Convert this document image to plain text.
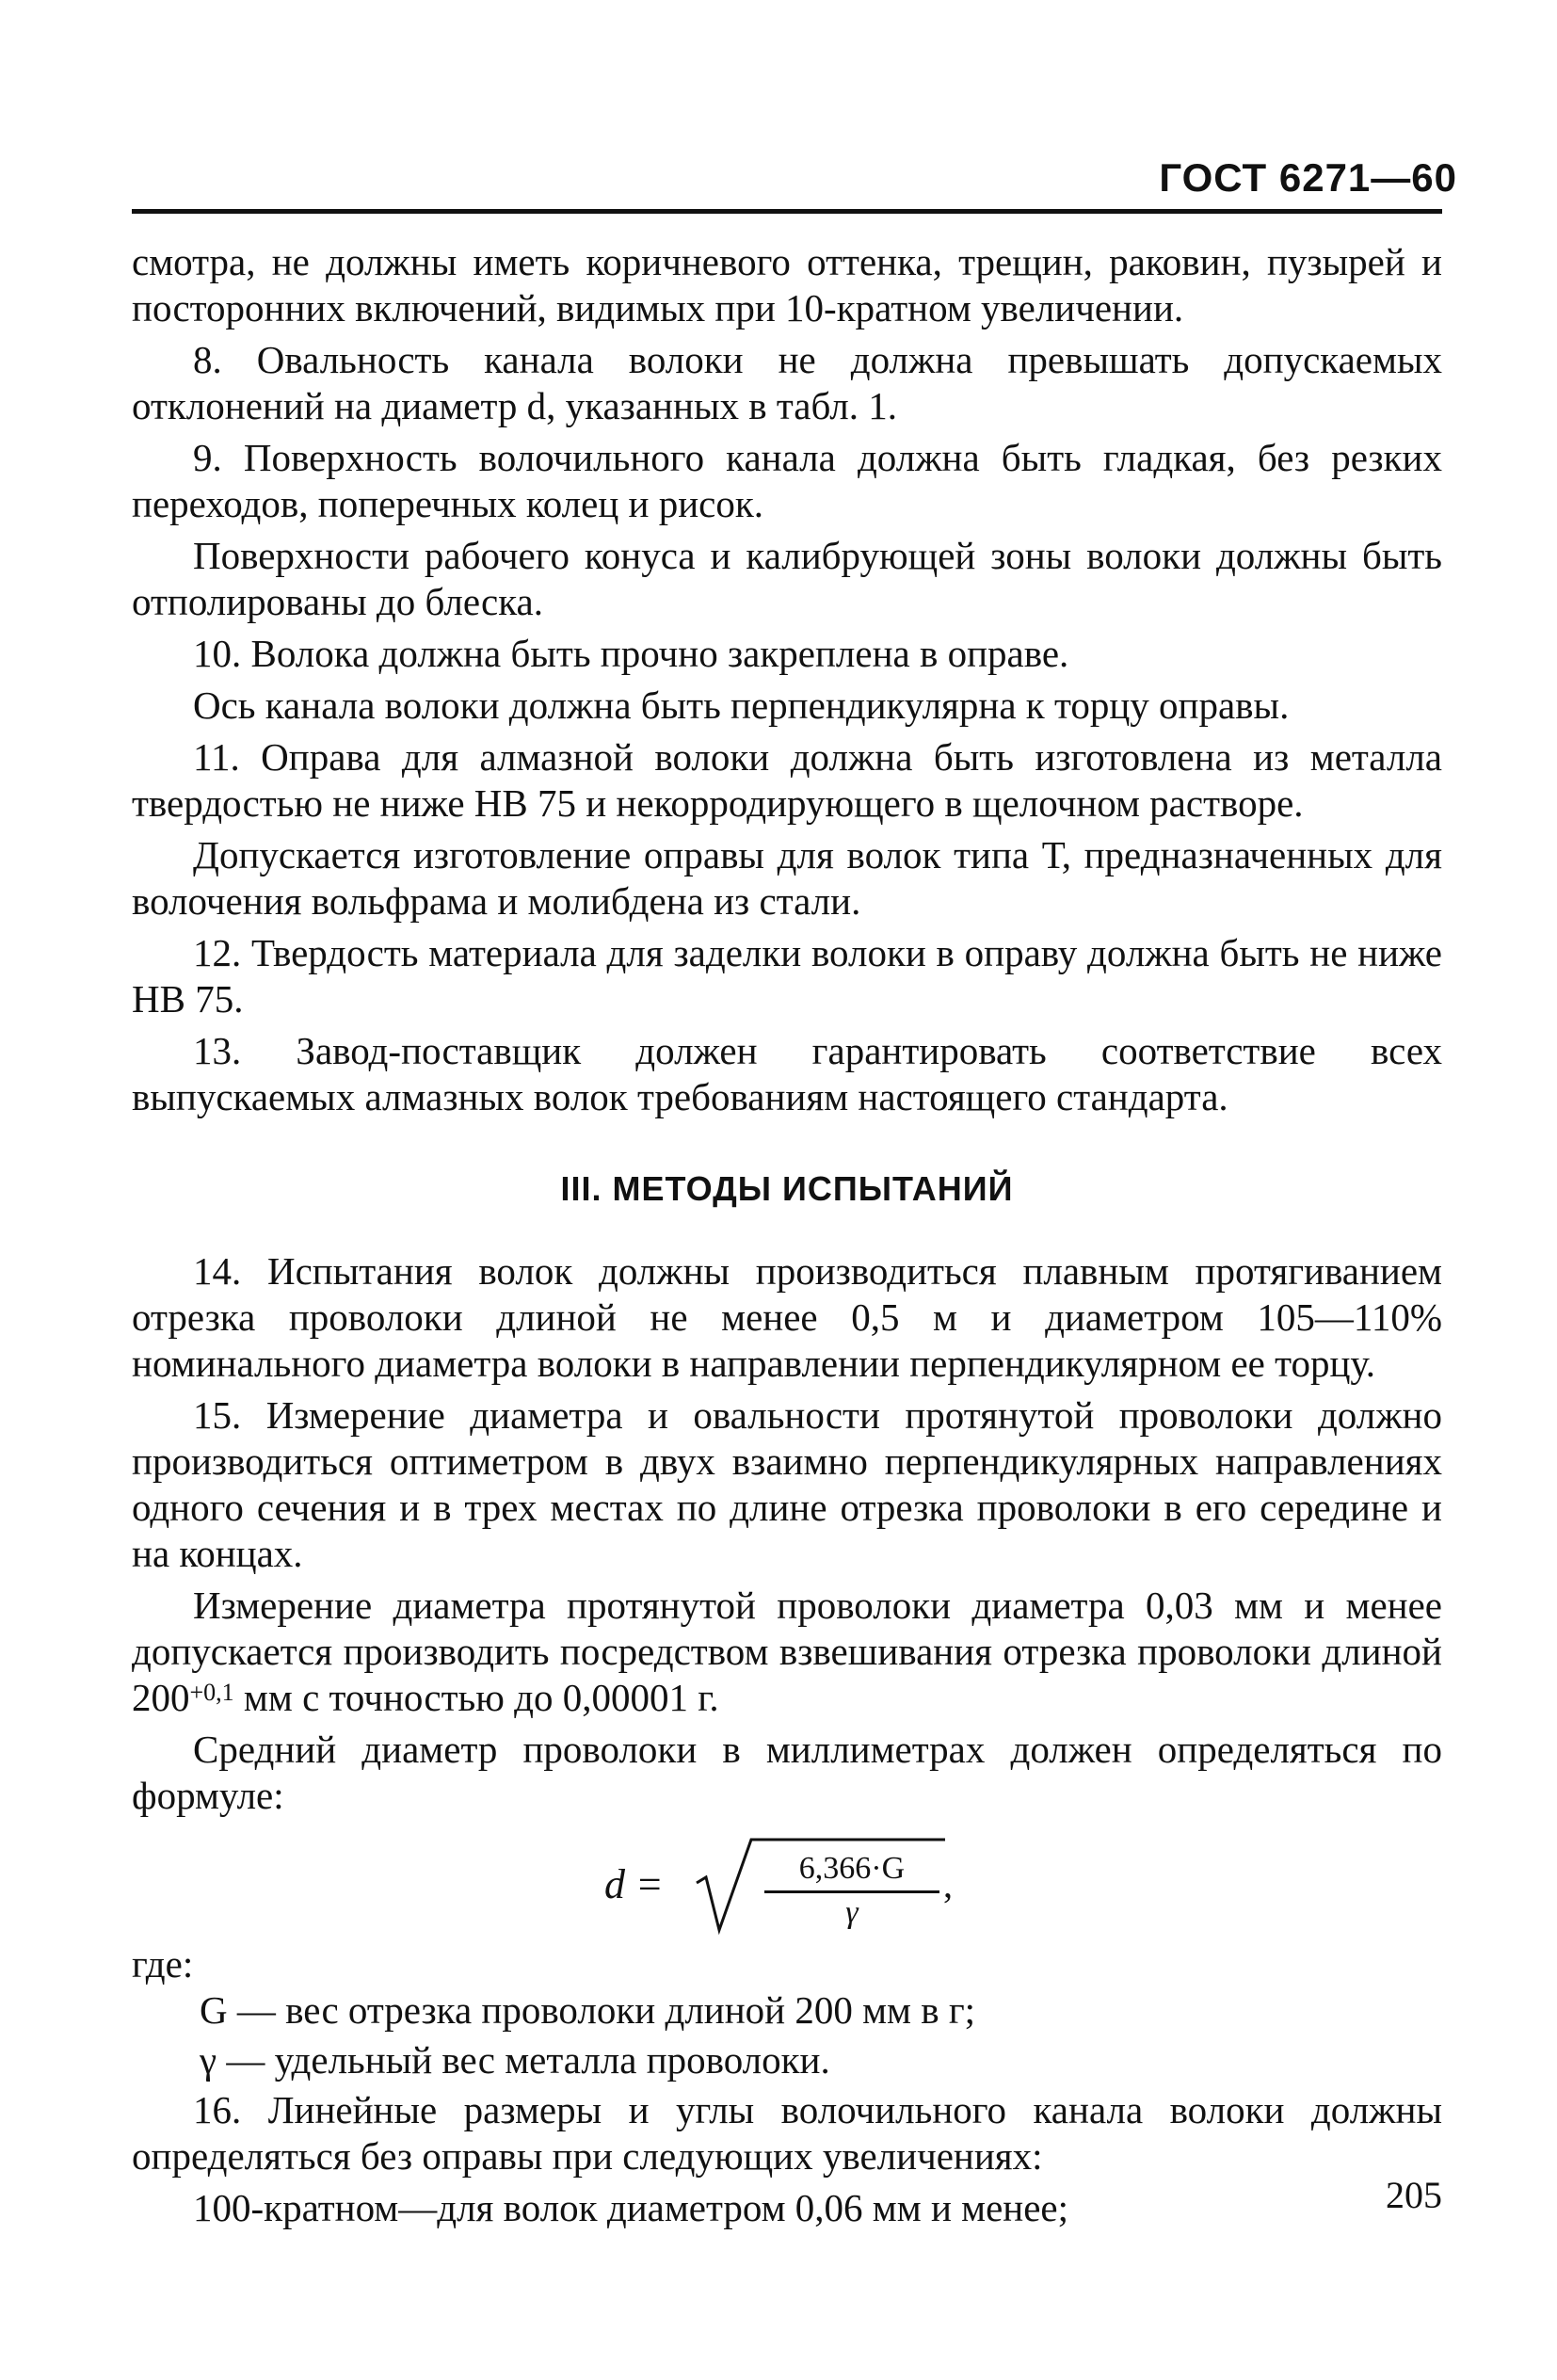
ГОСТ 6271—60

смотра, не должны иметь коричневого оттенка, трещин, раковин, пузырей и посторонних включений, видимых при 10-кратном увеличении.

8. Овальность канала волоки не должна превышать допускаемых отклонений на диаметр d, указанных в табл. 1.

9. Поверхность волочильного канала должна быть гладкая, без резких переходов, поперечных колец и рисок.

Поверхности рабочего конуса и калибрующей зоны волоки должны быть отполированы до блеска.

10. Волока должна быть прочно закреплена в оправе.

Ось канала волоки должна быть перпендикулярна к торцу оправы.

11. Оправа для алмазной волоки должна быть изготовлена из металла твердостью не ниже НВ 75 и некорродирующего в щелочном растворе.

Допускается изготовление оправы для волок типа Т, предназначенных для волочения вольфрама и молибдена из стали.

12. Твердость материала для заделки волоки в оправу должна быть не ниже НВ 75.

13. Завод-поставщик должен гарантировать соответствие всех выпускаемых алмазных волок требованиям настоящего стандарта.

III. МЕТОДЫ ИСПЫТАНИЙ

14. Испытания волок должны производиться плавным протягиванием отрезка проволоки длиной не менее 0,5 м и диаметром 105—110% номинального диаметра волоки в направлении перпендикулярном ее торцу.

15. Измерение диаметра и овальности протянутой проволоки должно производиться оптиметром в двух взаимно перпендикулярных направлениях одного сечения и в трех местах по длине отрезка проволоки в его середине и на концах.

Измерение диаметра протянутой проволоки диаметра 0,03 мм и менее допускается производить посредством взвешивания отрезка проволоки длиной $200^{+0,1}$ мм с точностью до 0,00001 г.

Средний диаметр проволоки в миллиметрах должен определяться по формуле:

d =	6,366·G
γ
,

где:

G — вес отрезка проволоки длиной 200 мм в г;

γ — удельный вес металла проволоки.

16. Линейные размеры и углы волочильного канала волоки должны определяться без оправы при следующих увеличениях:

100-кратном—для волок диаметром 0,06 мм и менее;	205
